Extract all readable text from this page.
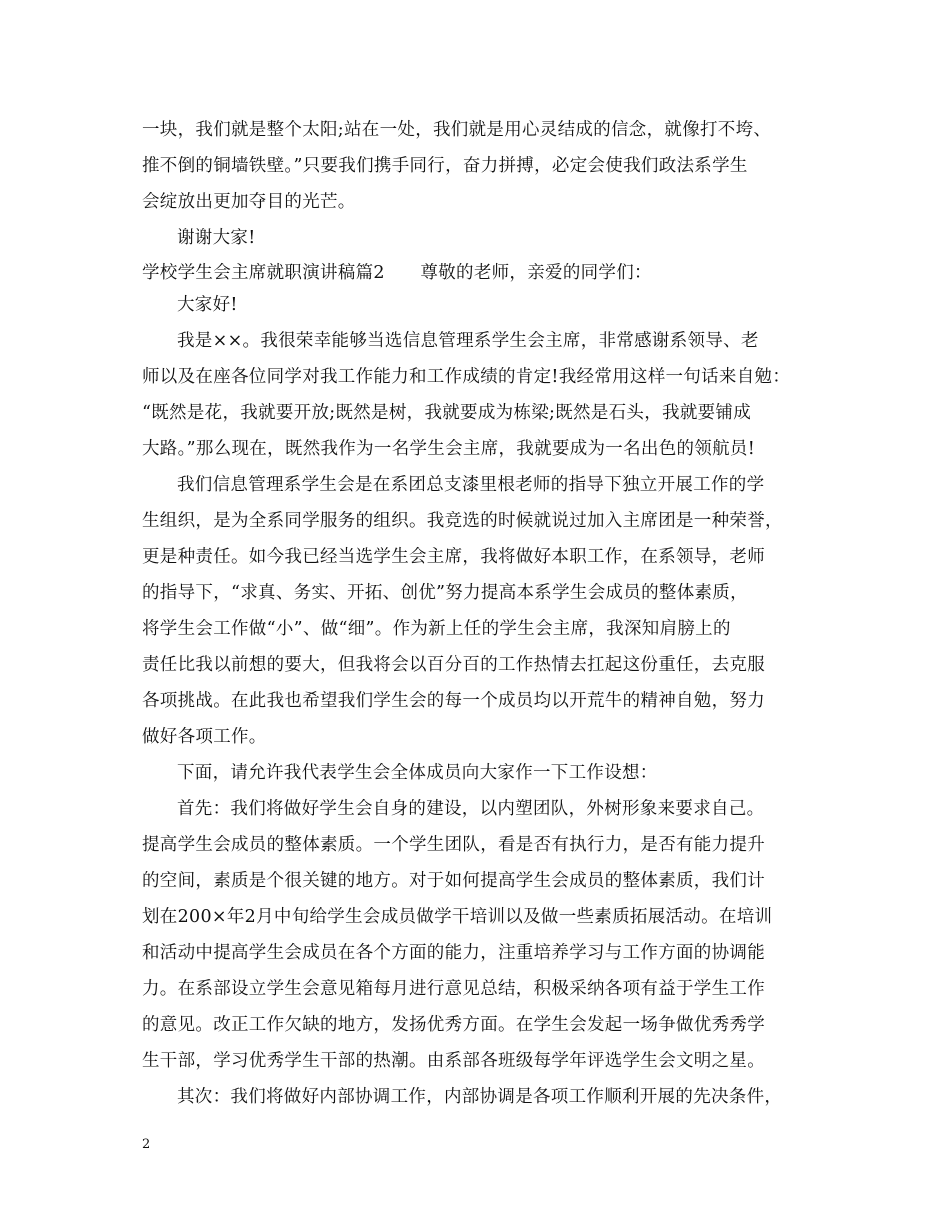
一块，我们就是整个太阳;站在一处，我们就是用心灵结成的信念，就像打不垮、
推不倒的铜墙铁壁。”只要我们携手同行，奋力拼搏，必定会使我们政法系学生
会绽放出更加夺目的光芒。
谢谢大家!
学校学生会主席就职演讲稿篇2　　尊敬的老师，亲爱的同学们：
大家好!
我是××。我很荣幸能够当选信息管理系学生会主席，非常感谢系领导、老
师以及在座各位同学对我工作能力和工作成绩的肯定!我经常用这样一句话来自勉：
“既然是花，我就要开放;既然是树，我就要成为栋梁;既然是石头，我就要铺成
大路。”那么现在，既然我作为一名学生会主席，我就要成为一名出色的领航员!
我们信息管理系学生会是在系团总支漆里根老师的指导下独立开展工作的学
生组织，是为全系同学服务的组织。我竞选的时候就说过加入主席团是一种荣誉，
更是种责任。如今我已经当选学生会主席，我将做好本职工作，在系领导，老师
的指导下，“求真、务实、开拓、创优”努力提高本系学生会成员的整体素质，
将学生会工作做“小”、做“细”。作为新上任的学生会主席，我深知肩膀上的
责任比我以前想的要大，但我将会以百分百的工作热情去扛起这份重任，去克服
各项挑战。在此我也希望我们学生会的每一个成员均以开荒牛的精神自勉，努力
做好各项工作。
下面，请允许我代表学生会全体成员向大家作一下工作设想：
首先：我们将做好学生会自身的建设，以内塑团队，外树形象来要求自己。
提高学生会成员的整体素质。一个学生团队，看是否有执行力，是否有能力提升
的空间，素质是个很关键的地方。对于如何提高学生会成员的整体素质，我们计
划在200×年2月中旬给学生会成员做学干培训以及做一些素质拓展活动。在培训
和活动中提高学生会成员在各个方面的能力，注重培养学习与工作方面的协调能
力。在系部设立学生会意见箱每月进行意见总结，积极采纳各项有益于学生工作
的意见。改正工作欠缺的地方，发扬优秀方面。在学生会发起一场争做优秀秀学
生干部，学习优秀学生干部的热潮。由系部各班级每学年评选学生会文明之星。
其次：我们将做好内部协调工作，内部协调是各项工作顺利开展的先决条件，
2
